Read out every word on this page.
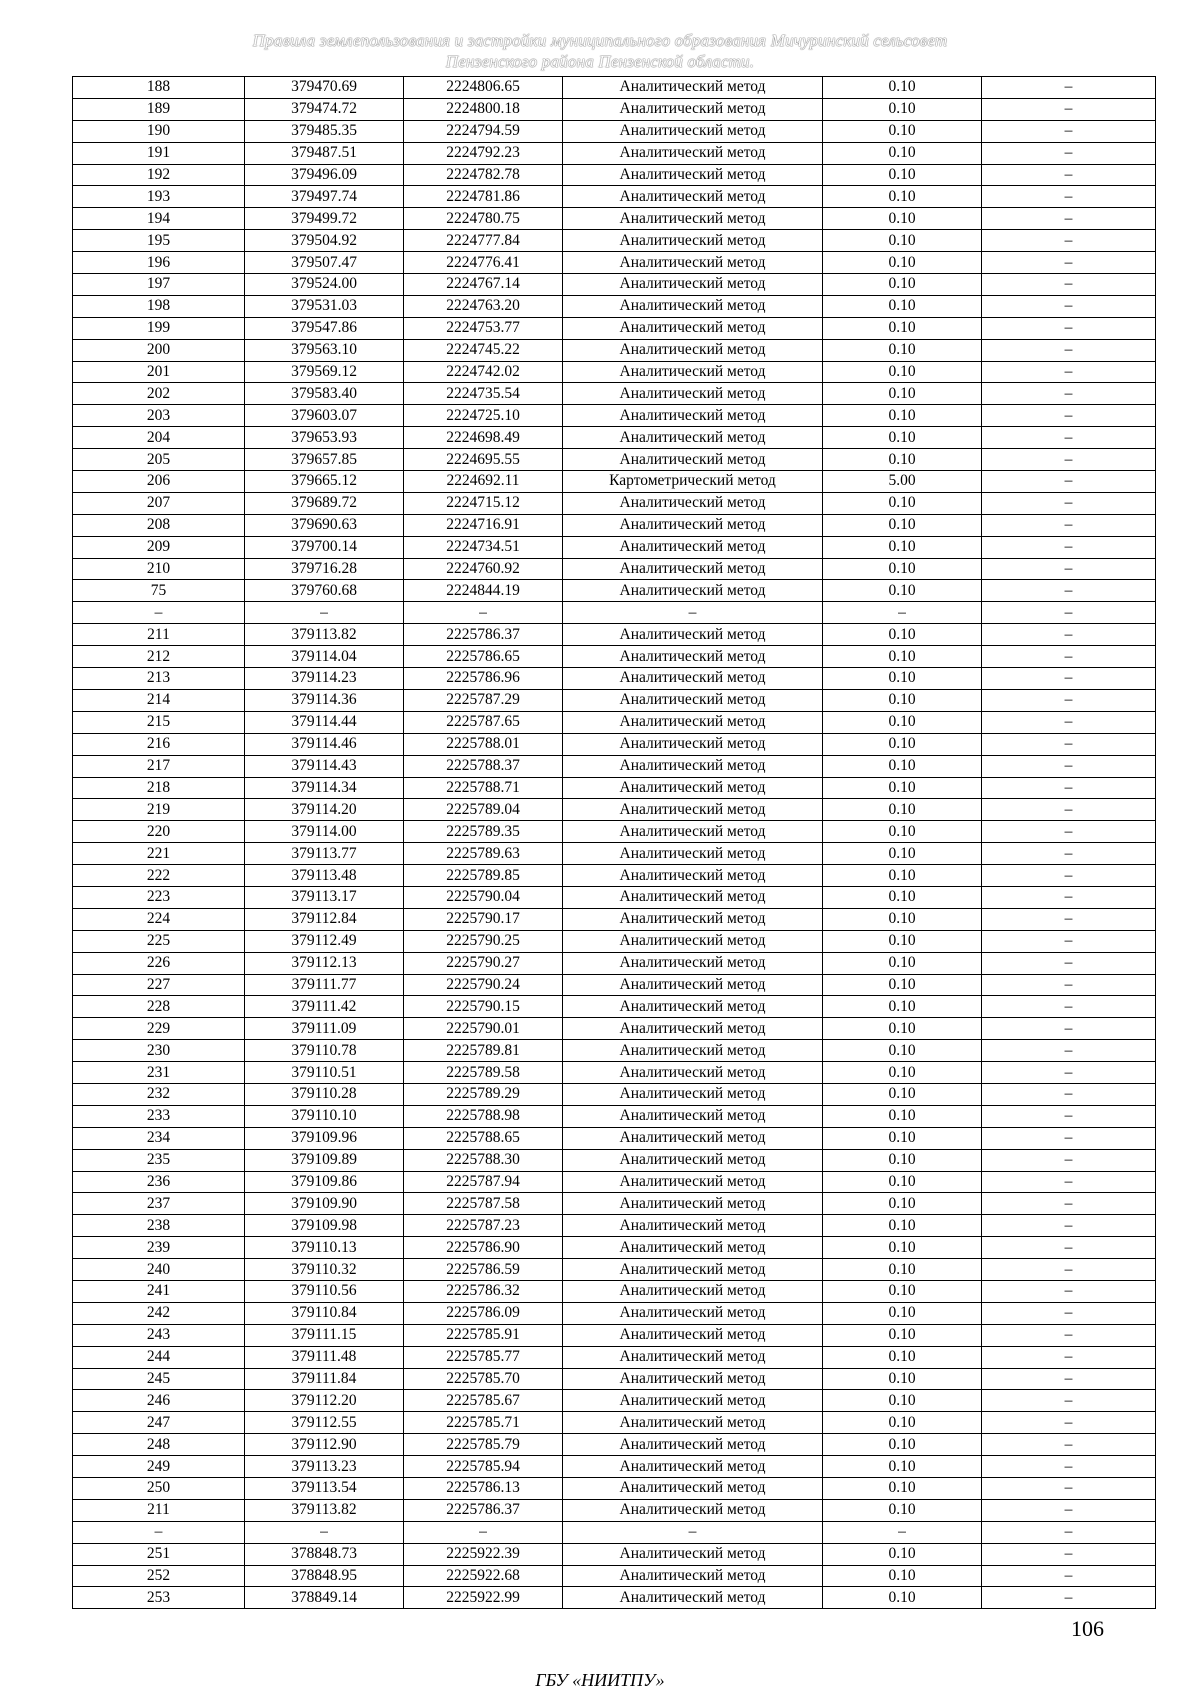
Правила землепользования и застройки муниципального образования Мичуринский сельсовет
Пензенского района Пензенской области.
188	379470.69	2224806.65	Аналитический метод	0.10	–
189	379474.72	2224800.18	Аналитический метод	0.10	–
190	379485.35	2224794.59	Аналитический метод	0.10	–
191	379487.51	2224792.23	Аналитический метод	0.10	–
192	379496.09	2224782.78	Аналитический метод	0.10	–
193	379497.74	2224781.86	Аналитический метод	0.10	–
194	379499.72	2224780.75	Аналитический метод	0.10	–
195	379504.92	2224777.84	Аналитический метод	0.10	–
196	379507.47	2224776.41	Аналитический метод	0.10	–
197	379524.00	2224767.14	Аналитический метод	0.10	–
198	379531.03	2224763.20	Аналитический метод	0.10	–
199	379547.86	2224753.77	Аналитический метод	0.10	–
200	379563.10	2224745.22	Аналитический метод	0.10	–
201	379569.12	2224742.02	Аналитический метод	0.10	–
202	379583.40	2224735.54	Аналитический метод	0.10	–
203	379603.07	2224725.10	Аналитический метод	0.10	–
204	379653.93	2224698.49	Аналитический метод	0.10	–
205	379657.85	2224695.55	Аналитический метод	0.10	–
206	379665.12	2224692.11	Картометрический метод	5.00	–
207	379689.72	2224715.12	Аналитический метод	0.10	–
208	379690.63	2224716.91	Аналитический метод	0.10	–
209	379700.14	2224734.51	Аналитический метод	0.10	–
210	379716.28	2224760.92	Аналитический метод	0.10	–
75	379760.68	2224844.19	Аналитический метод	0.10	–
–	–	–	–	–	–
211	379113.82	2225786.37	Аналитический метод	0.10	–
212	379114.04	2225786.65	Аналитический метод	0.10	–
213	379114.23	2225786.96	Аналитический метод	0.10	–
214	379114.36	2225787.29	Аналитический метод	0.10	–
215	379114.44	2225787.65	Аналитический метод	0.10	–
216	379114.46	2225788.01	Аналитический метод	0.10	–
217	379114.43	2225788.37	Аналитический метод	0.10	–
218	379114.34	2225788.71	Аналитический метод	0.10	–
219	379114.20	2225789.04	Аналитический метод	0.10	–
220	379114.00	2225789.35	Аналитический метод	0.10	–
221	379113.77	2225789.63	Аналитический метод	0.10	–
222	379113.48	2225789.85	Аналитический метод	0.10	–
223	379113.17	2225790.04	Аналитический метод	0.10	–
224	379112.84	2225790.17	Аналитический метод	0.10	–
225	379112.49	2225790.25	Аналитический метод	0.10	–
226	379112.13	2225790.27	Аналитический метод	0.10	–
227	379111.77	2225790.24	Аналитический метод	0.10	–
228	379111.42	2225790.15	Аналитический метод	0.10	–
229	379111.09	2225790.01	Аналитический метод	0.10	–
230	379110.78	2225789.81	Аналитический метод	0.10	–
231	379110.51	2225789.58	Аналитический метод	0.10	–
232	379110.28	2225789.29	Аналитический метод	0.10	–
233	379110.10	2225788.98	Аналитический метод	0.10	–
234	379109.96	2225788.65	Аналитический метод	0.10	–
235	379109.89	2225788.30	Аналитический метод	0.10	–
236	379109.86	2225787.94	Аналитический метод	0.10	–
237	379109.90	2225787.58	Аналитический метод	0.10	–
238	379109.98	2225787.23	Аналитический метод	0.10	–
239	379110.13	2225786.90	Аналитический метод	0.10	–
240	379110.32	2225786.59	Аналитический метод	0.10	–
241	379110.56	2225786.32	Аналитический метод	0.10	–
242	379110.84	2225786.09	Аналитический метод	0.10	–
243	379111.15	2225785.91	Аналитический метод	0.10	–
244	379111.48	2225785.77	Аналитический метод	0.10	–
245	379111.84	2225785.70	Аналитический метод	0.10	–
246	379112.20	2225785.67	Аналитический метод	0.10	–
247	379112.55	2225785.71	Аналитический метод	0.10	–
248	379112.90	2225785.79	Аналитический метод	0.10	–
249	379113.23	2225785.94	Аналитический метод	0.10	–
250	379113.54	2225786.13	Аналитический метод	0.10	–
211	379113.82	2225786.37	Аналитический метод	0.10	–
–	–	–	–	–	–
251	378848.73	2225922.39	Аналитический метод	0.10	–
252	378848.95	2225922.68	Аналитический метод	0.10	–
253	378849.14	2225922.99	Аналитический метод	0.10	–
106
ГБУ «НИИТПУ»
